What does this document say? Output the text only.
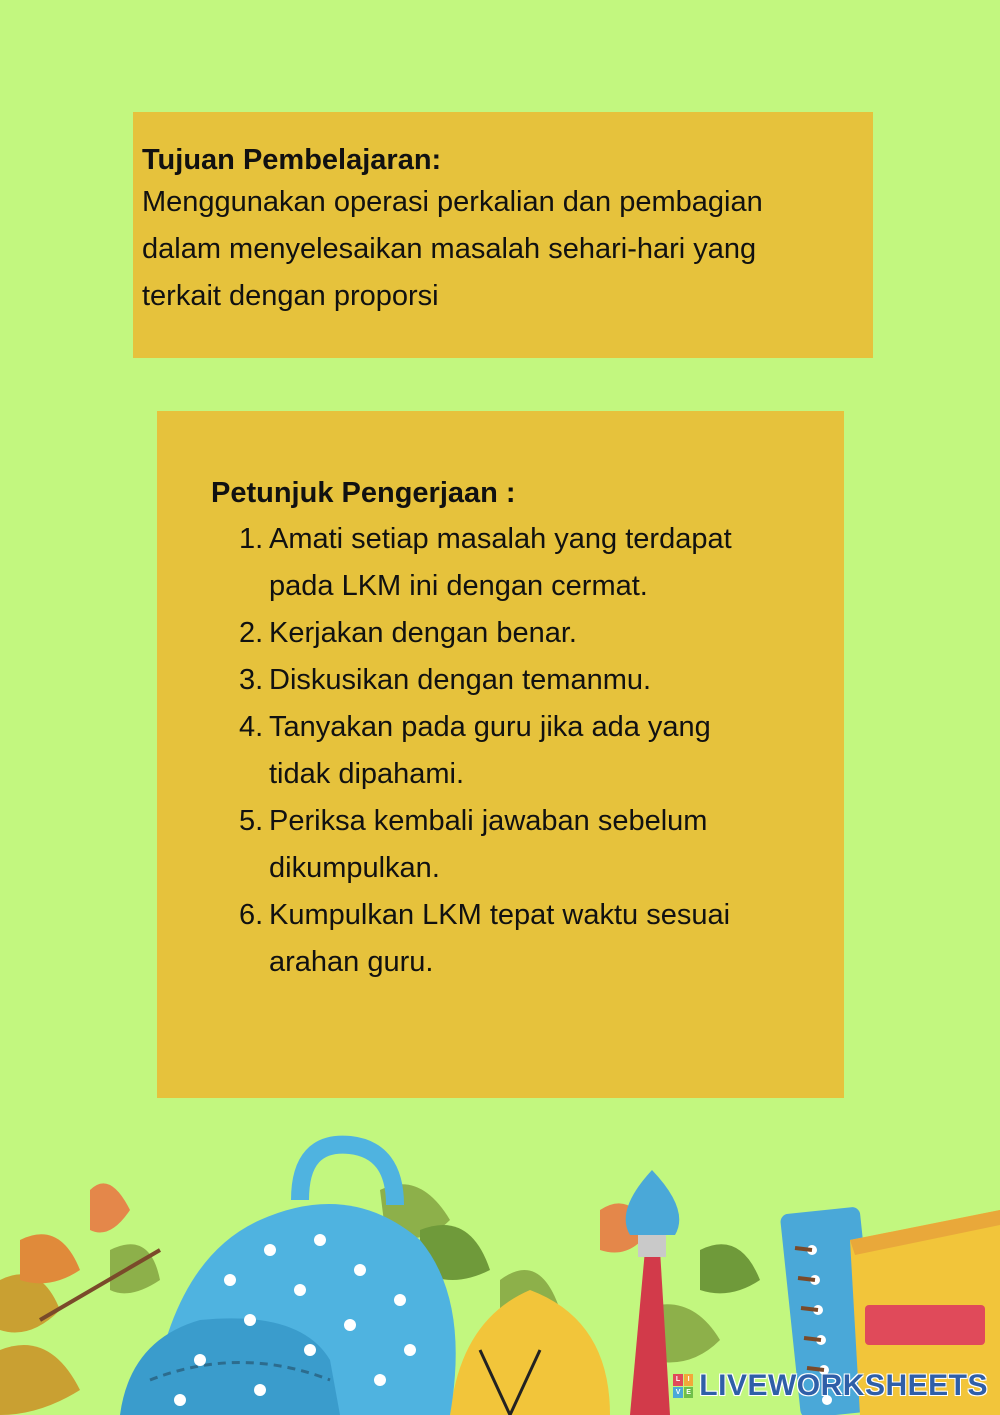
Tujuan Pembelajaran:
Menggunakan operasi perkalian dan pembagian
dalam menyelesaikan masalah sehari-hari yang
terkait dengan proporsi
Petunjuk Pengerjaan :
1. Amati setiap masalah yang terdapat pada LKM ini dengan cermat.
2. Kerjakan dengan benar.
3. Diskusikan dengan temanmu.
4. Tanyakan pada guru jika ada yang tidak dipahami.
5. Periksa kembali jawaban sebelum dikumpulkan.
6. Kumpulkan LKM tepat waktu sesuai arahan guru.
L	I
V E LIVEWORKSHEETS
